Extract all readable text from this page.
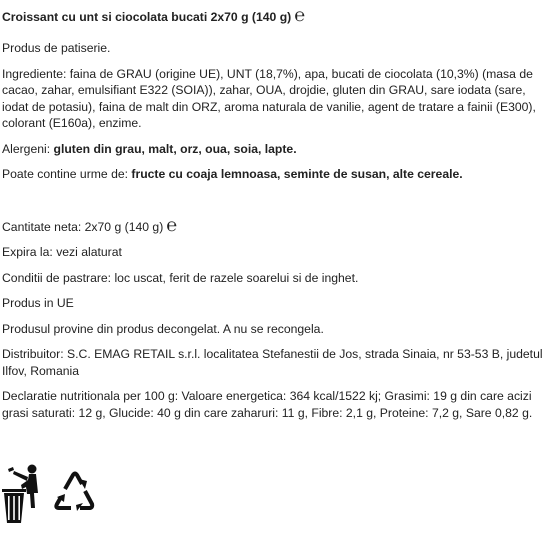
Croissant cu unt si ciocolata bucati 2x70 g (140 g) ℮
Produs de patiserie.
Ingrediente: faina de GRAU (origine UE), UNT (18,7%), apa, bucati de ciocolata (10,3%) (masa de cacao, zahar, emulsifiant E322 (SOIA)), zahar, OUA, drojdie, gluten din GRAU, sare iodata (sare, iodat de potasiu), faina de malt din ORZ, aroma naturala de vanilie, agent de tratare a fainii (E300), colorant (E160a), enzime.
Alergeni: gluten din grau, malt, orz, oua, soia, lapte.
Poate contine urme de: fructe cu coaja lemnoasa, seminte de susan, alte cereale.
Cantitate neta: 2x70 g (140 g) ℮
Expira la: vezi alaturat
Conditii de pastrare: loc uscat, ferit de razele soarelui si de inghet.
Produs in UE
Produsul provine din produs decongelat. A nu se recongela.
Distribuitor: S.C. EMAG RETAIL s.r.l. localitatea Stefanestii de Jos, strada Sinaia, nr 53-53 B, judetul Ilfov, Romania
Declaratie nutritionala per 100 g: Valoare energetica: 364 kcal/1522 kj; Grasimi: 19 g din care acizi grasi saturati: 12 g, Glucide: 40 g din care zaharuri: 11 g, Fibre: 2,1 g, Proteine: 7,2 g, Sare 0,82 g.
